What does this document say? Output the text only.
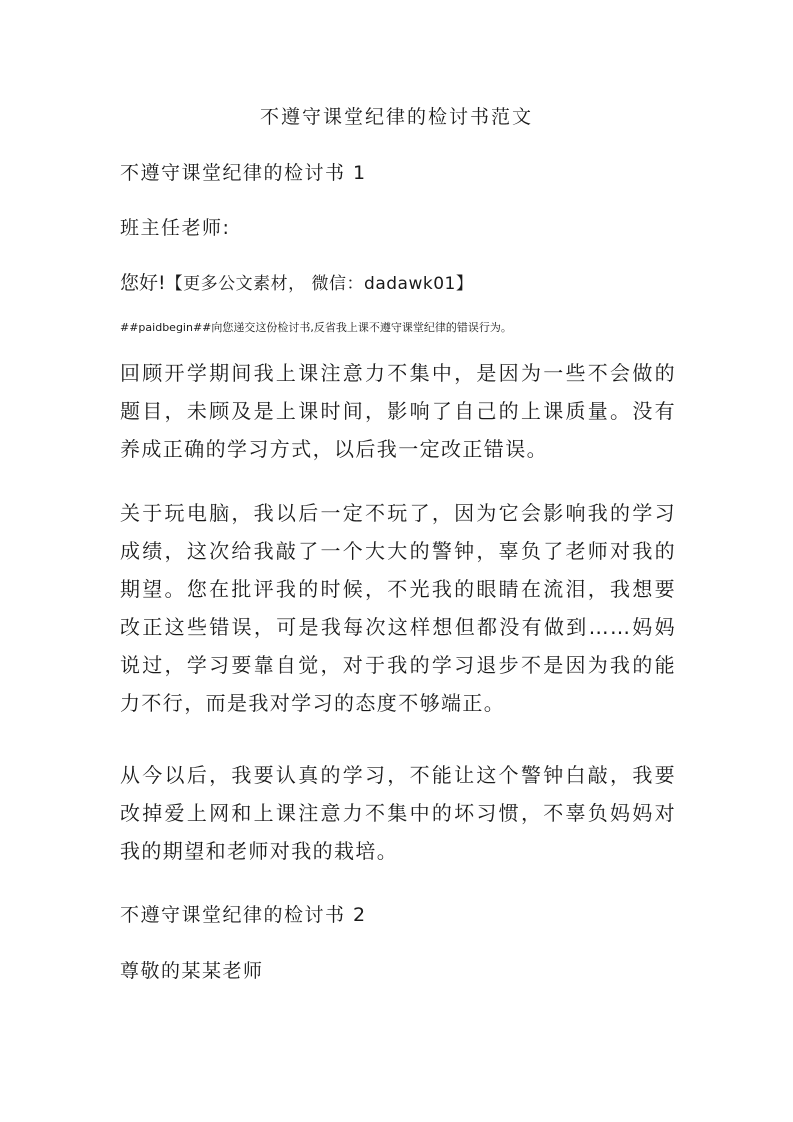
不遵守课堂纪律的检讨书范文
不遵守课堂纪律的检讨书 1
班主任老师:
您好!【更多公文素材， 微信：dadawk01】
##paidbegin##向您递交这份检讨书,反省我上课不遵守课堂纪律的错误行为。

回顾开学期间我上课注意力不集中，是因为一些不会做的题目，未顾及是上课时间，影响了自己的上课质量。没有养成正确的学习方式，以后我一定改正错误。

关于玩电脑，我以后一定不玩了，因为它会影响我的学习成绩，这次给我敲了一个大大的警钟，辜负了老师对我的期望。您在批评我的时候，不光我的眼睛在流泪，我想要改正这些错误，可是我每次这样想但都没有做到……妈妈说过，学习要靠自觉，对于我的学习退步不是因为我的能力不行，而是我对学习的态度不够端正。

从今以后，我要认真的学习，不能让这个警钟白敲，我要改掉爱上网和上课注意力不集中的坏习惯，不辜负妈妈对我的期望和老师对我的栽培。

不遵守课堂纪律的检讨书 2
尊敬的某某老师
